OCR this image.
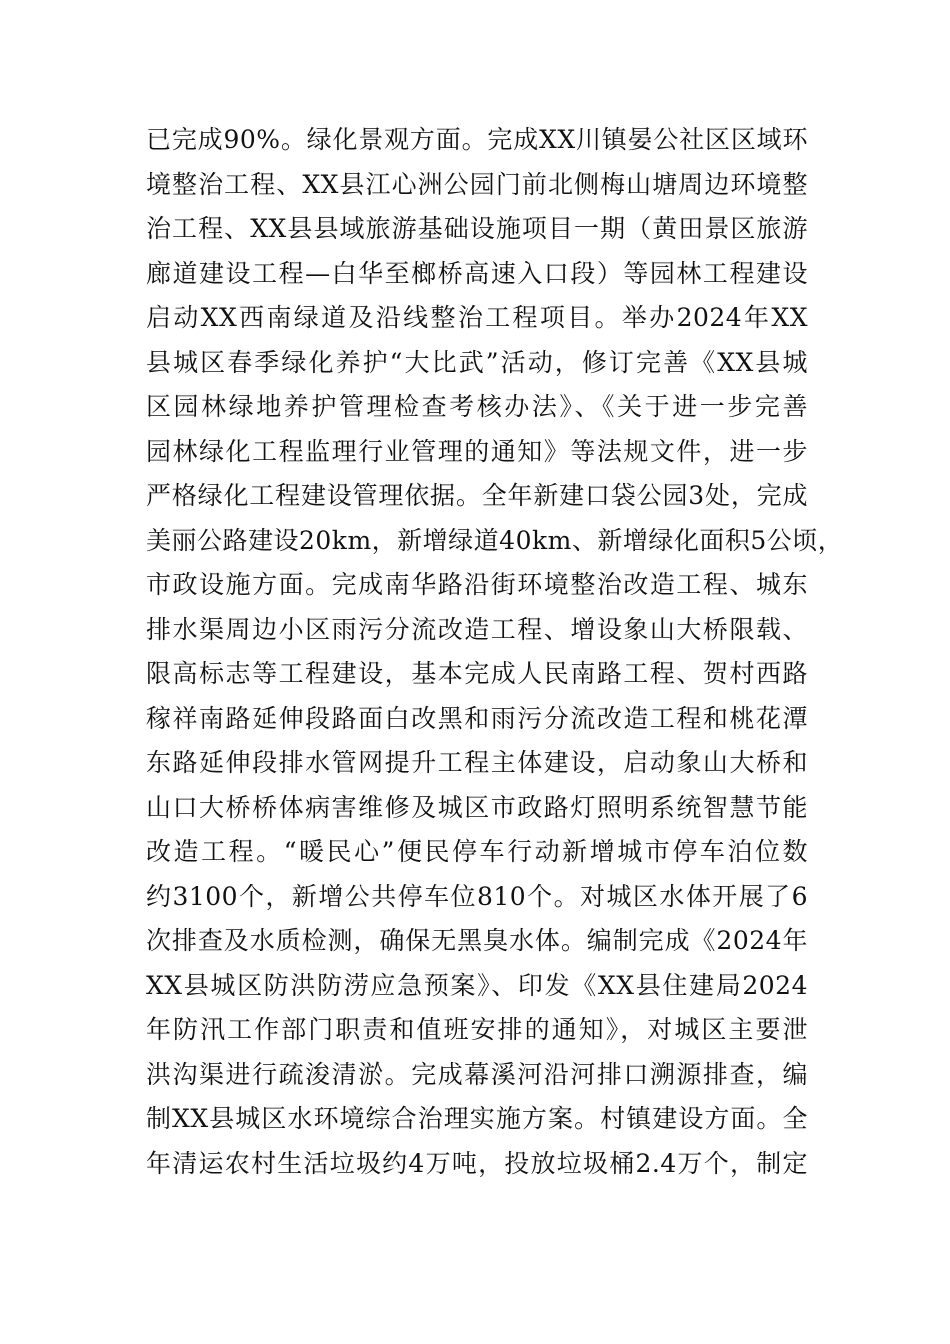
已完成90%。绿化景观方面。完成XX川镇晏公社区区域环
境整治工程、XX县江心洲公园门前北侧梅山塘周边环境整
治工程、XX县县域旅游基础设施项目一期（黄田景区旅游
廊道建设工程—白华至榔桥高速入口段）等园林工程建设
启动XX西南绿道及沿线整治工程项目。举办2024年XX
县城区春季绿化养护“大比武”活动，修订完善《XX县城
区园林绿地养护管理检查考核办法》、《关于进一步完善
园林绿化工程监理行业管理的通知》等法规文件，进一步
严格绿化工程建设管理依据。全年新建口袋公园3处，完成
美丽公路建设20km，新增绿道40km、新增绿化面积5公顷，
市政设施方面。完成南华路沿街环境整治改造工程、城东
排水渠周边小区雨污分流改造工程、增设象山大桥限载、
限高标志等工程建设，基本完成人民南路工程、贺村西路
稼祥南路延伸段路面白改黑和雨污分流改造工程和桃花潭
东路延伸段排水管网提升工程主体建设，启动象山大桥和
山口大桥桥体病害维修及城区市政路灯照明系统智慧节能
改造工程。“暖民心”便民停车行动新增城市停车泊位数
约3100个，新增公共停车位810个。对城区水体开展了6
次排查及水质检测，确保无黑臭水体。编制完成《2024年
XX县城区防洪防涝应急预案》、印发《XX县住建局2024
年防汛工作部门职责和值班安排的通知》，对城区主要泄
洪沟渠进行疏浚清淤。完成幕溪河沿河排口溯源排查，编
制XX县城区水环境综合治理实施方案。村镇建设方面。全
年清运农村生活垃圾约4万吨，投放垃圾桶2.4万个，制定
